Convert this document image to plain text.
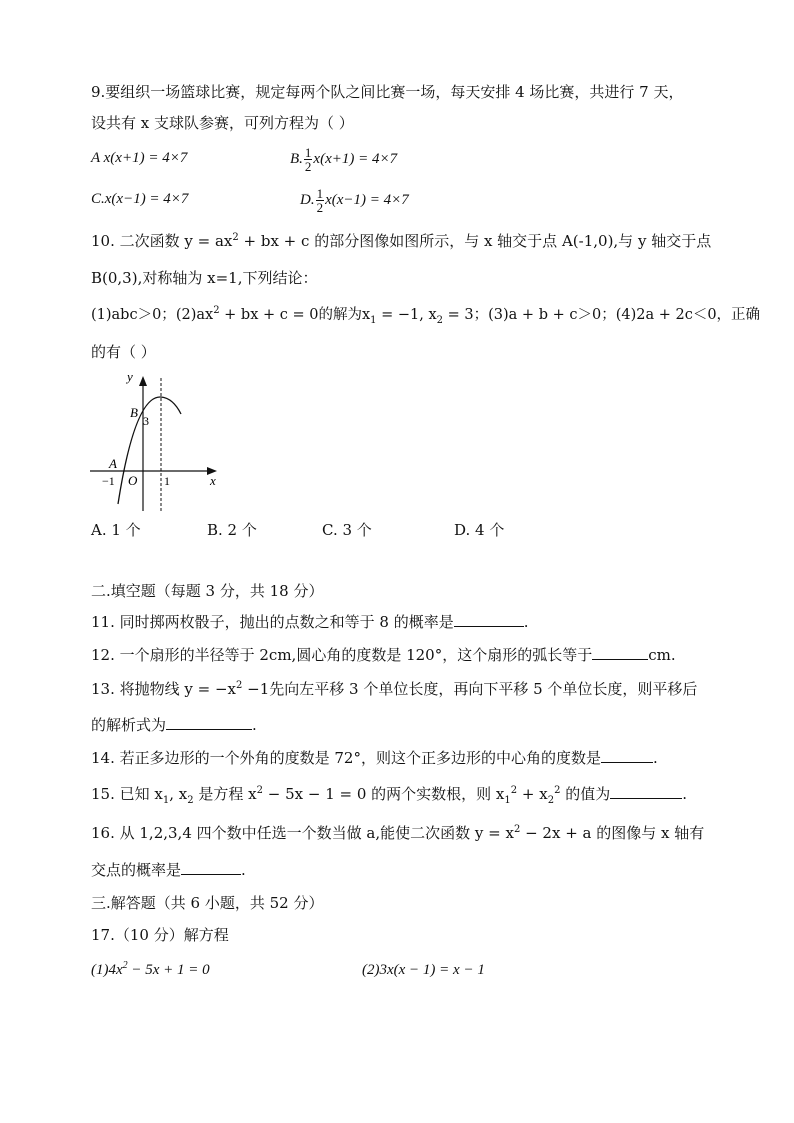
9.要组织一场篮球比赛，规定每两个队之间比赛一场，每天安排 4 场比赛，共进行 7 天，
设共有 x 支球队参赛，可列方程为（ ）
A x(x+1) = 4×7	B. $\frac{1}{2} x(x+1) = 4\times 7$
C.x(x−1) = 4×7	D. $\frac{1}{2} x(x-1) = 4\times 7$
10. 二次函数 $y = ax^2$ + bx + c 的部分图像如图所示，与 x 轴交于点 A(-1,0),与 y 轴交于点
B(0,3),对称轴为 x=1,下列结论：
(1)abc＞0；$(2)ax^2$ + bx + c = 0的解为$x_1 = -1$, $x_2 = 3$；(3)a + b + c＞0；(4)2a + 2c＜0，正确
的有（ ）
y
x
B
3
A
−1 O 1
A. 1 个	B. 2 个	C. 3 个	D. 4 个
二.填空题（每题 3 分，共 18 分）
11. 同时掷两枚骰子，抛出的点数之和等于 8 的概率是	.
12. 一个扇形的半径等于 2cm,圆心角的度数是 120°，这个扇形的弧长等于	cm.
13. 将抛物线 $y = -x^2 -1$先向左平移 3 个单位长度，再向下平移 5 个单位长度，则平移后
的解析式为	.
14. 若正多边形的一个外角的度数是 72°，则这个正多边形的中心角的度数是	.
15. 已知 $x_1$, $x_2$ 是方程 $x^2 - 5x - 1 = 0$ 的两个实数根，则 $x_1^2 + x_2^2$ 的值为	.
16. 从 1,2,3,4 四个数中任选一个数当做 a,能使二次函数 $y = x^2 - 2x + a$ 的图像与 x 轴有
交点的概率是	.
三.解答题（共 6 小题，共 52 分）
17.（10 分）解方程
$(1)4x^2 - 5x + 1 = 0$	(2)3x(x − 1) = x − 1
